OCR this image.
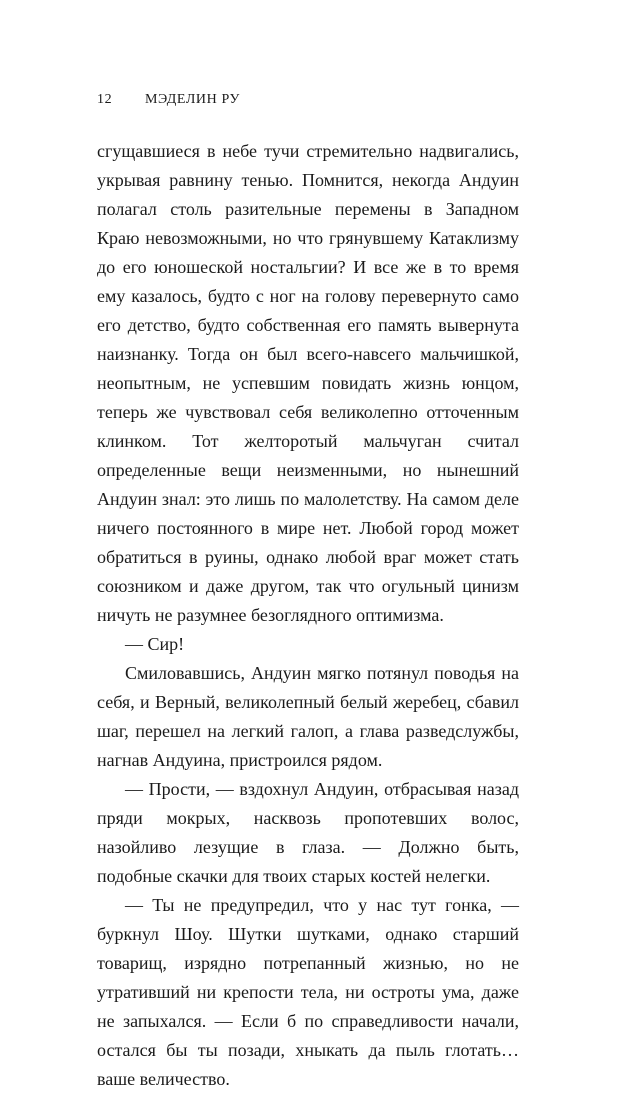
12	МЭДЕЛИН РУ

сгущавшиеся в небе тучи стремительно надвигались, укрывая равнину тенью. Помнится, некогда Андуин полагал столь разительные перемены в Западном Краю невозможными, но что грянувшему Катаклизму до его юношеской ностальгии? И все же в то время ему казалось, будто с ног на голову перевернуто само его детство, будто собственная его память вывернута наизнанку. Тогда он был всего-навсего мальчишкой, неопытным, не успевшим повидать жизнь юнцом, теперь же чувствовал себя великолепно отточенным клинком. Тот желторотый мальчуган считал определенные вещи неизменными, но нынешний Андуин знал: это лишь по малолетству. На самом деле ничего постоянного в мире нет. Любой город может обратиться в руины, однако любой враг может стать союзником и даже другом, так что огульный цинизм ничуть не разумнее безоглядного оптимизма.

— Сир!

Смиловавшись, Андуин мягко потянул поводья на себя, и Верный, великолепный белый жеребец, сбавил шаг, перешел на легкий галоп, а глава разведслужбы, нагнав Андуина, пристроился рядом.

— Прости, — вздохнул Андуин, отбрасывая назад пряди мокрых, насквозь пропотевших волос, назойливо лезущие в глаза. — Должно быть, подобные скачки для твоих старых костей нелегки.

— Ты не предупредил, что у нас тут гонка, — буркнул Шоу. Шутки шутками, однако старший товарищ, изрядно потрепанный жизнью, но не утративший ни крепости тела, ни остроты ума, даже не запыхался. — Если б по справедливости начали, остался бы ты позади, хныкать да пыль глотать… ваше величество.
